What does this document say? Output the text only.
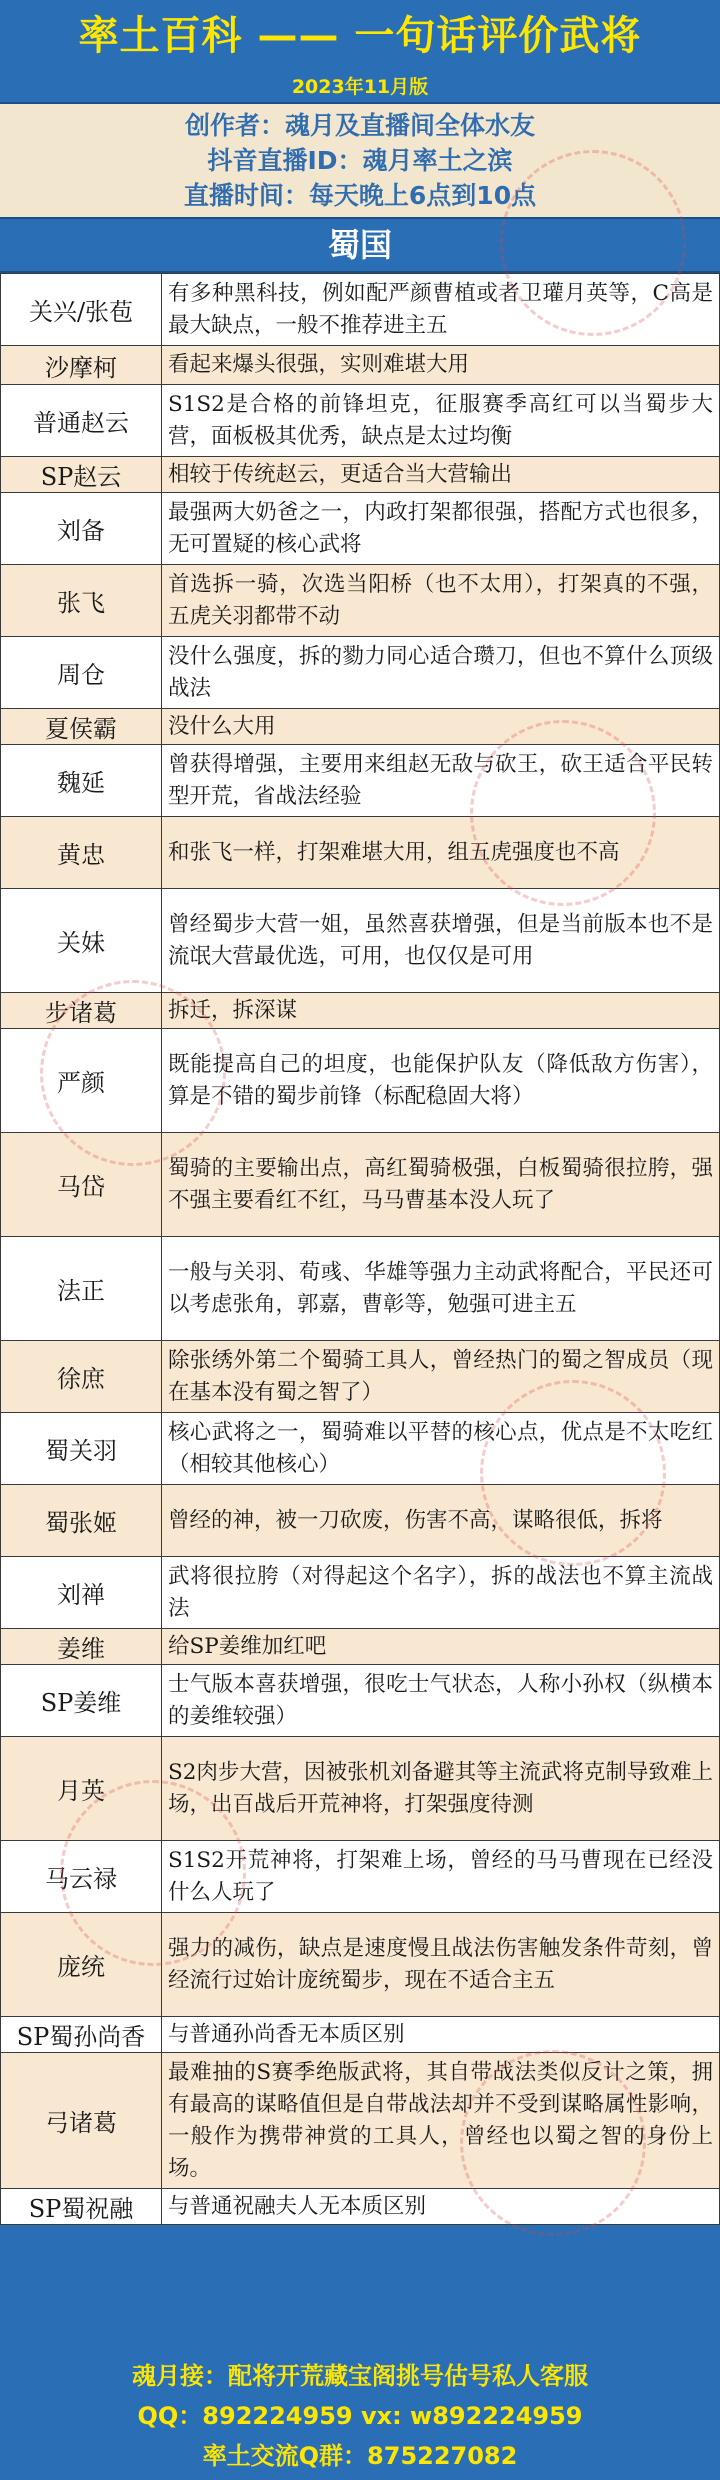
率土百科 —— 一句话评价武将
2023年11月版
创作者：魂月及直播间全体水友
抖音直播ID：魂月率土之滨
直播时间：每天晚上6点到10点
蜀国
关兴/张苞	有多种黑科技，例如配严颜曹植或者卫瓘月英等，C高是最大缺点，一般不推荐进主五
沙摩柯	看起来爆头很强，实则难堪大用
普通赵云	S1S2是合格的前锋坦克，征服赛季高红可以当蜀步大营，面板极其优秀，缺点是太过均衡
SP赵云	相较于传统赵云，更适合当大营输出
刘备	最强两大奶爸之一，内政打架都很强，搭配方式也很多，无可置疑的核心武将
张飞	首选拆一骑，次选当阳桥（也不太用），打架真的不强，五虎关羽都带不动
周仓	没什么强度，拆的勠力同心适合瓒刀，但也不算什么顶级战法
夏侯霸	没什么大用
魏延	曾获得增强，主要用来组赵无敌与砍王，砍王适合平民转型开荒，省战法经验
黄忠	和张飞一样，打架难堪大用，组五虎强度也不高
关妹	曾经蜀步大营一姐，虽然喜获增强，但是当前版本也不是流氓大营最优选，可用，也仅仅是可用
步诸葛	拆迁，拆深谋
严颜	既能提高自己的坦度，也能保护队友（降低敌方伤害），算是不错的蜀步前锋（标配稳固大将）
马岱	蜀骑的主要输出点，高红蜀骑极强，白板蜀骑很拉胯，强不强主要看红不红，马马曹基本没人玩了
法正	一般与关羽、荀彧、华雄等强力主动武将配合，平民还可以考虑张角，郭嘉，曹彰等，勉强可进主五
徐庶	除张绣外第二个蜀骑工具人，曾经热门的蜀之智成员（现在基本没有蜀之智了）
蜀关羽	核心武将之一，蜀骑难以平替的核心点，优点是不太吃红（相较其他核心）
蜀张姬	曾经的神，被一刀砍废，伤害不高，谋略很低，拆将
刘禅	武将很拉胯（对得起这个名字），拆的战法也不算主流战法
姜维	给SP姜维加红吧
SP姜维	士气版本喜获增强，很吃士气状态，人称小孙权（纵横本的姜维较强）
月英	S2肉步大营，因被张机刘备避其等主流武将克制导致难上场，出百战后开荒神将，打架强度待测
马云禄	S1S2开荒神将，打架难上场，曾经的马马曹现在已经没什么人玩了
庞统	强力的减伤，缺点是速度慢且战法伤害触发条件苛刻，曾经流行过始计庞统蜀步，现在不适合主五
SP蜀孙尚香	与普通孙尚香无本质区别
弓诸葛	最难抽的S赛季绝版武将，其自带战法类似反计之策，拥有最高的谋略值但是自带战法却并不受到谋略属性影响，一般作为携带神赏的工具人，曾经也以蜀之智的身份上场。
SP蜀祝融	与普通祝融夫人无本质区别
魂月接：配将开荒藏宝阁挑号估号私人客服
QQ：892224959 vx: w892224959
率土交流Q群：875227082
